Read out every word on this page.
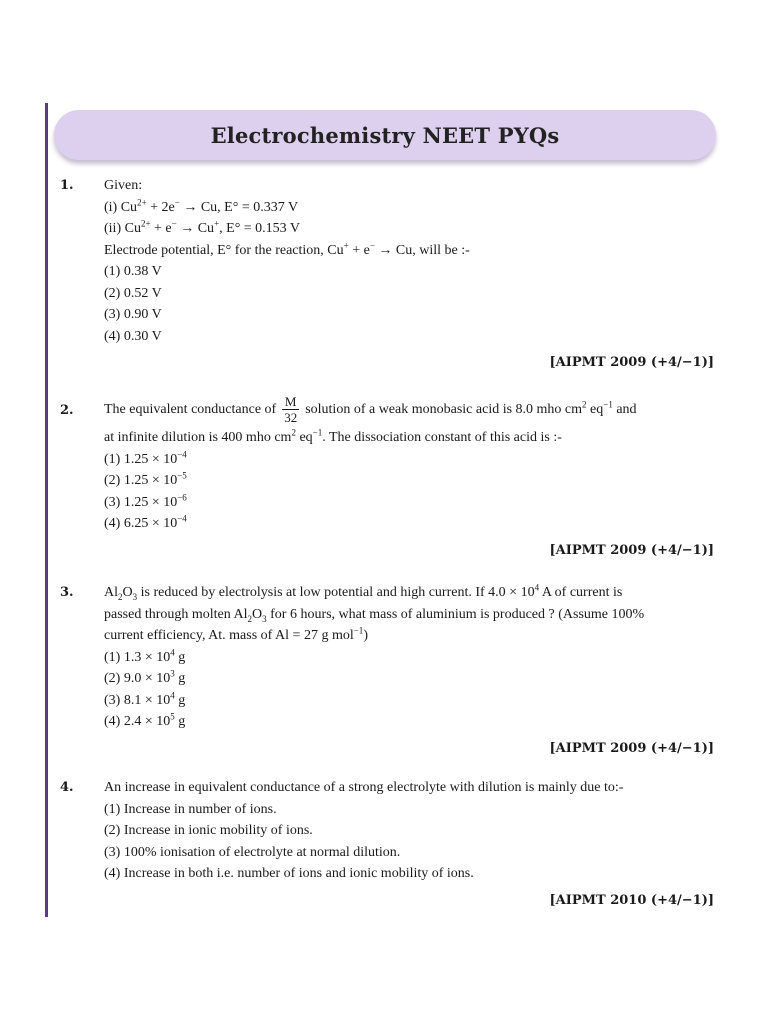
Electrochemistry NEET PYQs
1. Given:
(i) $Cu^{2+} + 2e^- \to Cu$, E° = 0.337 V
(ii) $Cu^{2+} + e^- \to Cu^+$, E° = 0.153 V
Electrode potential, E° for the reaction, Cu+ + e− → Cu, will be :-
(1) 0.38 V
(2) 0.52 V
(3) 0.90 V
(4) 0.30 V
[AIPMT 2009 (+4/−1)]
2. The equivalent conductance of $\frac{M}{32}$ solution of a weak monobasic acid is 8.0 mho $cm^2$ $eq^{-1}$ and
at infinite dilution is 400 mho $cm^2$ $eq^{-1}$. The dissociation constant of this acid is :-
(1) $1.25 \times 10^{-4}$
(2) $1.25 \times 10^{-5}$
(3) $1.25 \times 10^{-6}$
(4) $6.25 \times 10^{-4}$
[AIPMT 2009 (+4/−1)]
3. $Al_2O_3$ is reduced by electrolysis at low potential and high current. If $4.0 \times 10^4$ A of current is
passed through molten $Al_2O_3$ for 6 hours, what mass of aluminium is produced ? (Assume 100%
current efficiency, At. mass of Al = 27 g mol$^{-1}$)
(1) $1.3 \times 10^4$ g
(2) $9.0 \times 10^3$ g
(3) $8.1 \times 10^4$ g
(4) $2.4 \times 10^5$ g
[AIPMT 2009 (+4/−1)]
4. An increase in equivalent conductance of a strong electrolyte with dilution is mainly due to:-
(1) Increase in number of ions.
(2) Increase in ionic mobility of ions.
(3) 100% ionisation of electrolyte at normal dilution.
(4) Increase in both i.e. number of ions and ionic mobility of ions.
[AIPMT 2010 (+4/−1)]
